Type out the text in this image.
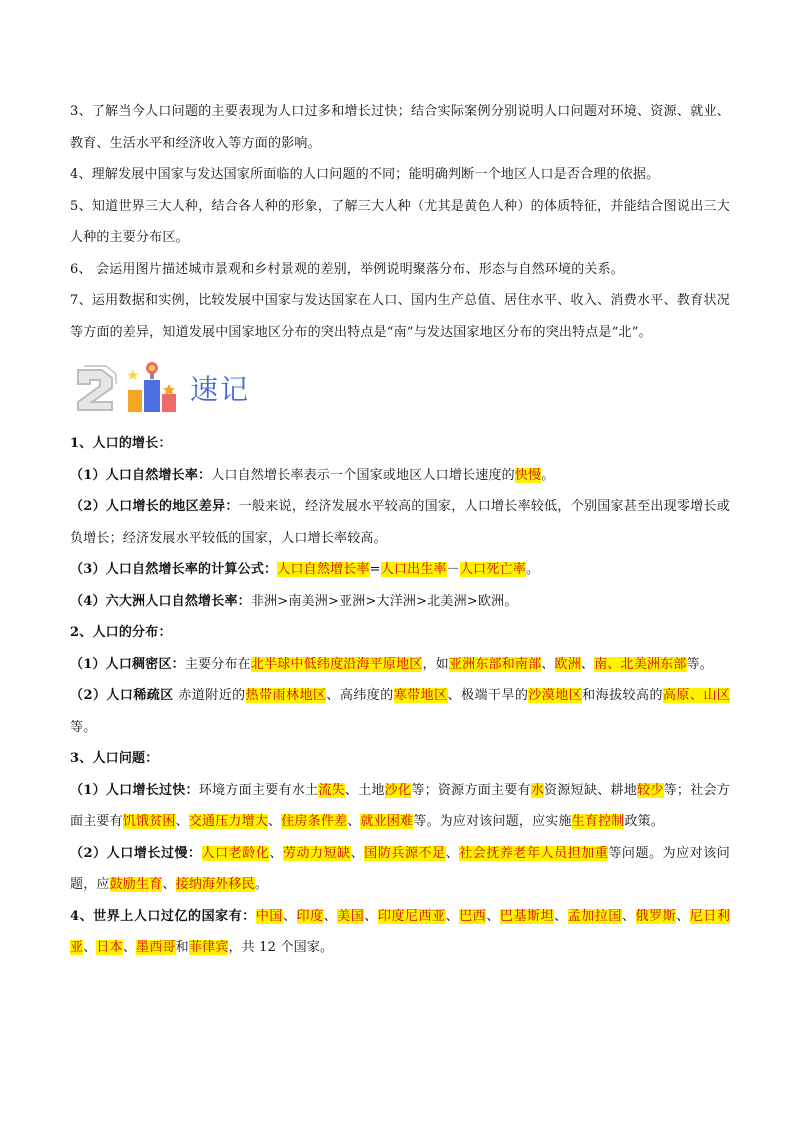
3、了解当今人口问题的主要表现为人口过多和增长过快；结合实际案例分别说明人口问题对环境、资源、就业、教育、生活水平和经济收入等方面的影响。

4、理解发展中国家与发达国家所面临的人口问题的不同；能明确判断一个地区人口是否合理的依据。

5、知道世界三大人种，结合各人种的形象，了解三大人种（尤其是黄色人种）的体质特征，并能结合图说出三大人种的主要分布区。

6、 会运用图片描述城市景观和乡村景观的差别，举例说明聚落分布、形态与自然环境的关系。

7、运用数据和实例，比较发展中国家与发达国家在人口、国内生产总值、居住水平、收入、消费水平、教育状况等方面的差异，知道发展中国家地区分布的突出特点是“南”与发达国家地区分布的突出特点是“北”。

速记

1、人口的增长：

（1）人口自然增长率：人口自然增长率表示一个国家或地区人口增长速度的快慢。

（2）人口增长的地区差异：一般来说，经济发展水平较高的国家，人口增长率较低，个别国家甚至出现零增长或负增长；经济发展水平较低的国家，人口增长率较高。

（3）人口自然增长率的计算公式：人口自然增长率=人口出生率－人口死亡率。

（4）六大洲人口自然增长率：非洲>南美洲>亚洲>大洋洲>北美洲>欧洲。

2、人口的分布：

（1）人口稠密区：主要分布在北半球中低纬度沿海平原地区，如亚洲东部和南部、欧洲、南、北美洲东部等。

（2）人口稀疏区 赤道附近的热带雨林地区、高纬度的寒带地区、极端干旱的沙漠地区和海拔较高的高原、山区等。

3、人口问题：

（1）人口增长过快：环境方面主要有水土流失、土地沙化等；资源方面主要有水资源短缺、耕地较少等；社会方面主要有饥饿贫困、交通压力增大、住房条件差、就业困难等。为应对该问题，应实施生育控制政策。

（2）人口增长过慢：人口老龄化、劳动力短缺、国防兵源不足、社会抚养老年人员担加重等问题。为应对该问题，应鼓励生育、接纳海外移民。

4、世界上人口过亿的国家有：中国、印度、美国、印度尼西亚、巴西、巴基斯坦、孟加拉国、俄罗斯、尼日利亚、日本、墨西哥和菲律宾，共 12 个国家。
